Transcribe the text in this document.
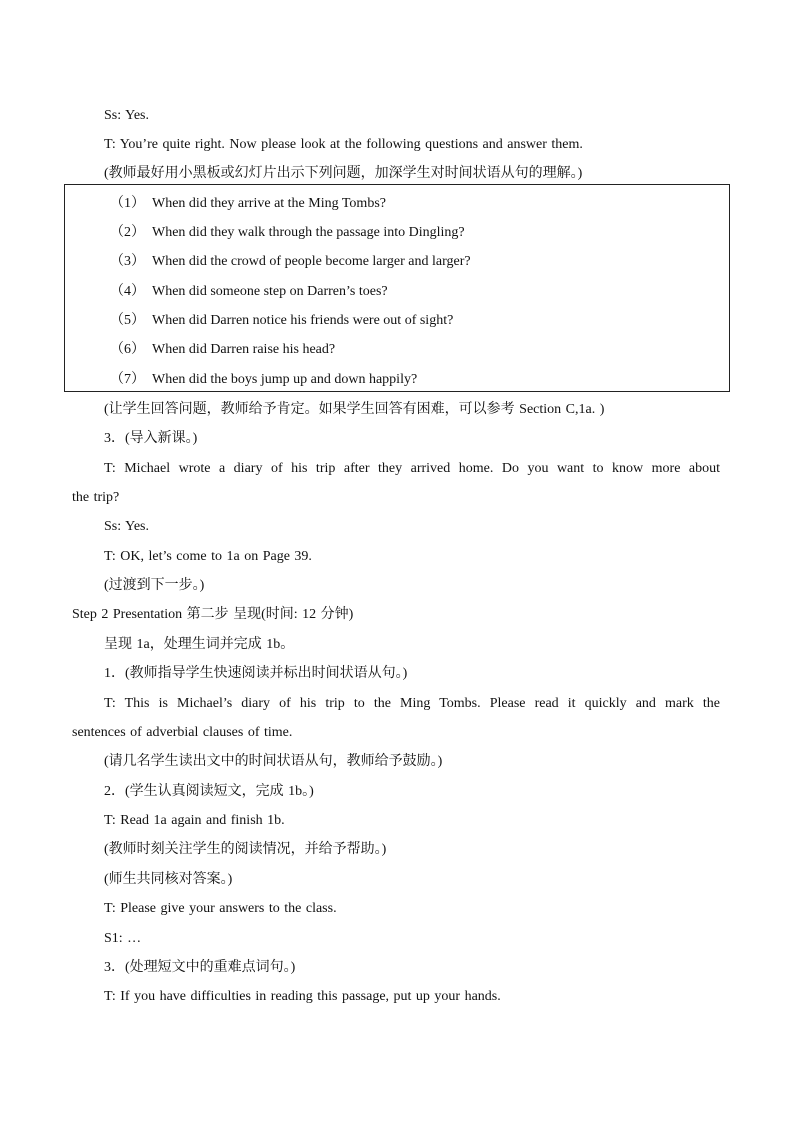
Ss: Yes.
T: You’re quite right. Now please look at the following questions and answer them.
(教师最好用小黑板或幻灯片出示下列问题，加深学生对时间状语从句的理解。)
（1） When did they arrive at the Ming Tombs?
（2） When did they walk through the passage into Dingling?
（3） When did the crowd of people become larger and larger?
（4） When did someone step on Darren’s toes?
（5） When did Darren notice his friends were out of sight?
（6） When did Darren raise his head?
（7） When did the boys jump up and down happily?
(让学生回答问题，教师给予肯定。如果学生回答有困难，可以参考 Section C,1a. )
3．(导入新课。)
T: Michael wrote a diary of his trip after they arrived home. Do you want to know more about
the trip?
Ss: Yes.
T: OK, let’s come to 1a on Page 39.
(过渡到下一步。)
Step 2 Presentation 第二步 呈现(时间: 12 分钟)
呈现 1a，处理生词并完成 1b。
1．(教师指导学生快速阅读并标出时间状语从句。)
T: This is Michael’s diary of his trip to the Ming Tombs. Please read it quickly and mark the
sentences of adverbial clauses of time.
(请几名学生读出文中的时间状语从句，教师给予鼓励。)
2．(学生认真阅读短文，完成 1b。)
T: Read 1a again and finish 1b.
(教师时刻关注学生的阅读情况，并给予帮助。)
(师生共同核对答案。)
T: Please give your answers to the class.
S1: …
3．(处理短文中的重难点词句。)
T: If you have difficulties in reading this passage, put up your hands.
